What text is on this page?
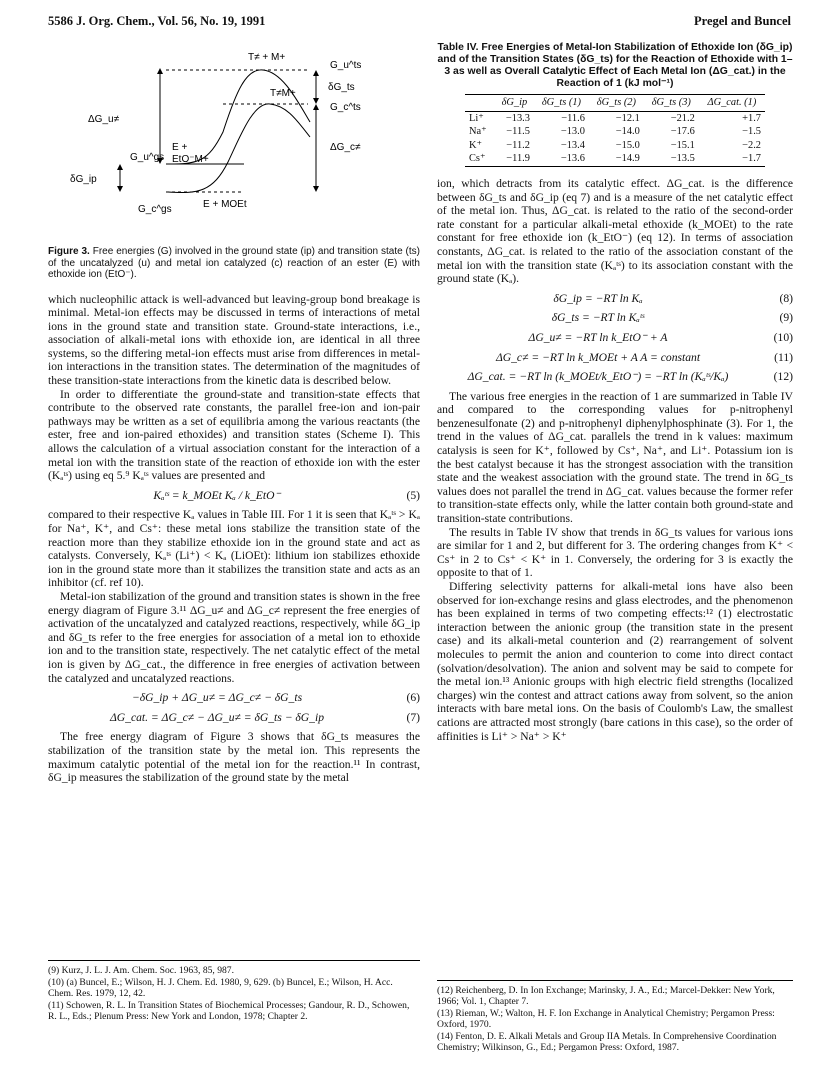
5586 J. Org. Chem., Vol. 56, No. 19, 1991	Pregel and Buncel
T≠ + M+
G_u^ts
δG_ts
T≠M+
G_c^ts
ΔG_u≠
ΔG_c≠
G_u^gs
E +
EtO⁻M+
δG_ip
G_c^gs	E + MOEt
Figure 3. Free energies (G) involved in the ground state (ip) and transition state (ts) of the uncatalyzed (u) and metal ion catalyzed (c) reaction of an ester (E) with ethoxide ion (EtO⁻).

which nucleophilic attack is well-advanced but leaving-group bond breakage is minimal. Metal-ion effects may be discussed in terms of interactions of metal ions in the ground state and transition state. Ground-state interactions, i.e., association of alkali-metal ions with ethoxide ion, are identical in all three systems, so the differing metal-ion effects must arise from differences in metal-ion interactions in the transition states. The determination of the magnitudes of these transition-state interactions from the kinetic data is described below.

In order to differentiate the ground-state and transition-state effects that contribute to the observed rate constants, the parallel free-ion and ion-pair pathways may be written as a set of equilibria among the various reactants (the ester, free and ion-paired ethoxides) and transition states (Scheme I). This allows the calculation of a virtual association constant for the interaction of a metal ion with the transition state of the reaction of ethoxide ion with the ester (Kₐᵗˢ) using eq 5.⁹ Kₐᵗˢ values are presented and

Kₐᵗˢ = k_MOEt Kₐ / k_EtO⁻	(5)

compared to their respective Kₐ values in Table III. For 1 it is seen that Kₐᵗˢ > Kₐ for Na⁺, K⁺, and Cs⁺: these metal ions stabilize the transition state of the reaction more than they stabilize ethoxide ion in the ground state and act as catalysts. Conversely, Kₐᵗˢ (Li⁺) < Kₐ (LiOEt): lithium ion stabilizes ethoxide ion in the ground state more than it stabilizes the transition state and acts as an inhibitor (cf. ref 10).

Metal-ion stabilization of the ground and transition states is shown in the free energy diagram of Figure 3.¹¹ ΔG_u≠ and ΔG_c≠ represent the free energies of activation of the uncatalyzed and catalyzed reactions, respectively, while δG_ip and δG_ts refer to the free energies for association of a metal ion to ethoxide ion and to the transition state, respectively. The net catalytic effect of the metal ion is given by ΔG_cat., the difference in free energies of activation between the catalyzed and uncatalyzed reactions.

−δG_ip + ΔG_u≠ = ΔG_c≠ − δG_ts	(6)
ΔG_cat. = ΔG_c≠ − ΔG_u≠ = δG_ts − δG_ip	(7)

The free energy diagram of Figure 3 shows that δG_ts measures the stabilization of the transition state by the metal ion. This represents the maximum catalytic potential of the metal ion for the reaction.¹¹ In contrast, δG_ip measures the stabilization of the ground state by the metal

(9) Kurz, J. L. J. Am. Chem. Soc. 1963, 85, 987.

(10) (a) Buncel, E.; Wilson, H. J. Chem. Ed. 1980, 9, 629. (b) Buncel, E.; Wilson, H. Acc. Chem. Res. 1979, 12, 42.

(11) Schowen, R. L. In Transition States of Biochemical Processes; Gandour, R. D., Schowen, R. L., Eds.; Plenum Press: New York and London, 1978; Chapter 2.

Table IV. Free Energies of Metal-Ion Stabilization of Ethoxide Ion (δG_ip) and of the Transition States (δG_ts) for the Reaction of Ethoxide with 1–3 as well as Overall Catalytic Effect of Each Metal Ion (ΔG_cat.) in the Reaction of 1 (kJ mol⁻¹)
	δG_ip	δG_ts (1)	δG_ts (2)	δG_ts (3)	ΔG_cat. (1)
Li⁺	−13.3	−11.6	−12.1	−21.2	+1.7
Na⁺	−11.5	−13.0	−14.0	−17.6	−1.5
K⁺	−11.2	−13.4	−15.0	−15.1	−2.2
Cs⁺	−11.9	−13.6	−14.9	−13.5	−1.7

ion, which detracts from its catalytic effect. ΔG_cat. is the difference between δG_ts and δG_ip (eq 7) and is a measure of the net catalytic effect of the metal ion. Thus, ΔG_cat. is related to the ratio of the second-order rate constant for a particular alkali-metal ethoxide (k_MOEt) to the rate constant for free ethoxide ion (k_EtO⁻) (eq 12). In terms of association constants, ΔG_cat. is related to the ratio of the association constant of the metal ion with the transition state (Kₐᵗˢ) to its association constant with the ground state (Kₐ).

δG_ip = −RT ln Kₐ	(8)
δG_ts = −RT ln Kₐᵗˢ	(9)
ΔG_u≠ = −RT ln k_EtO⁻ + A	(10)
ΔG_c≠ = −RT ln k_MOEt + A A = constant	(11)
ΔG_cat. = −RT ln (k_MOEt/k_EtO⁻) = −RT ln (Kₐᵗˢ/Kₐ)	(12)

The various free energies in the reaction of 1 are summarized in Table IV and compared to the corresponding values for p-nitrophenyl benzenesulfonate (2) and p-nitrophenyl diphenylphosphinate (3). For 1, the trend in the values of ΔG_cat. parallels the trend in k values: maximum catalysis is seen for K⁺, followed by Cs⁺, Na⁺, and Li⁺. Potassium ion is the best catalyst because it has the strongest association with the transition state and the weakest association with the ground state. The trend in δG_ts values does not parallel the trend in ΔG_cat. values because the former refer to transition-state effects only, while the latter contain both ground-state and transition-state contributions.

The results in Table IV show that trends in δG_ts values for various ions are similar for 1 and 2, but different for 3. The ordering changes from K⁺ < Cs⁺ in 2 to Cs⁺ < K⁺ in 1. Conversely, the ordering for 3 is exactly the opposite to that of 1.

Differing selectivity patterns for alkali-metal ions have also been observed for ion-exchange resins and glass electrodes, and the phenomenon has been explained in terms of two competing effects:¹² (1) electrostatic interaction between the anionic group (the transition state in the present case) and its alkali-metal counterion and (2) rearrangement of solvent molecules to permit the anion and counterion to come into direct contact (solvation/desolvation). The anion and solvent may be said to compete for the metal ion.¹³ Anionic groups with high electric field strengths (localized charges) win the contest and attract cations away from solvent, so the anion interacts with bare metal ions. On the basis of Coulomb's Law, the smallest cations are attracted most strongly (bare cations in this case), so the order of affinities is Li⁺ > Na⁺ > K⁺

(12) Reichenberg, D. In Ion Exchange; Marinsky, J. A., Ed.; Marcel-Dekker: New York, 1966; Vol. 1, Chapter 7.

(13) Rieman, W.; Walton, H. F. Ion Exchange in Analytical Chemistry; Pergamon Press: Oxford, 1970.

(14) Fenton, D. E. Alkali Metals and Group IIA Metals. In Comprehensive Coordination Chemistry; Wilkinson, G., Ed.; Pergamon Press: Oxford, 1987.
